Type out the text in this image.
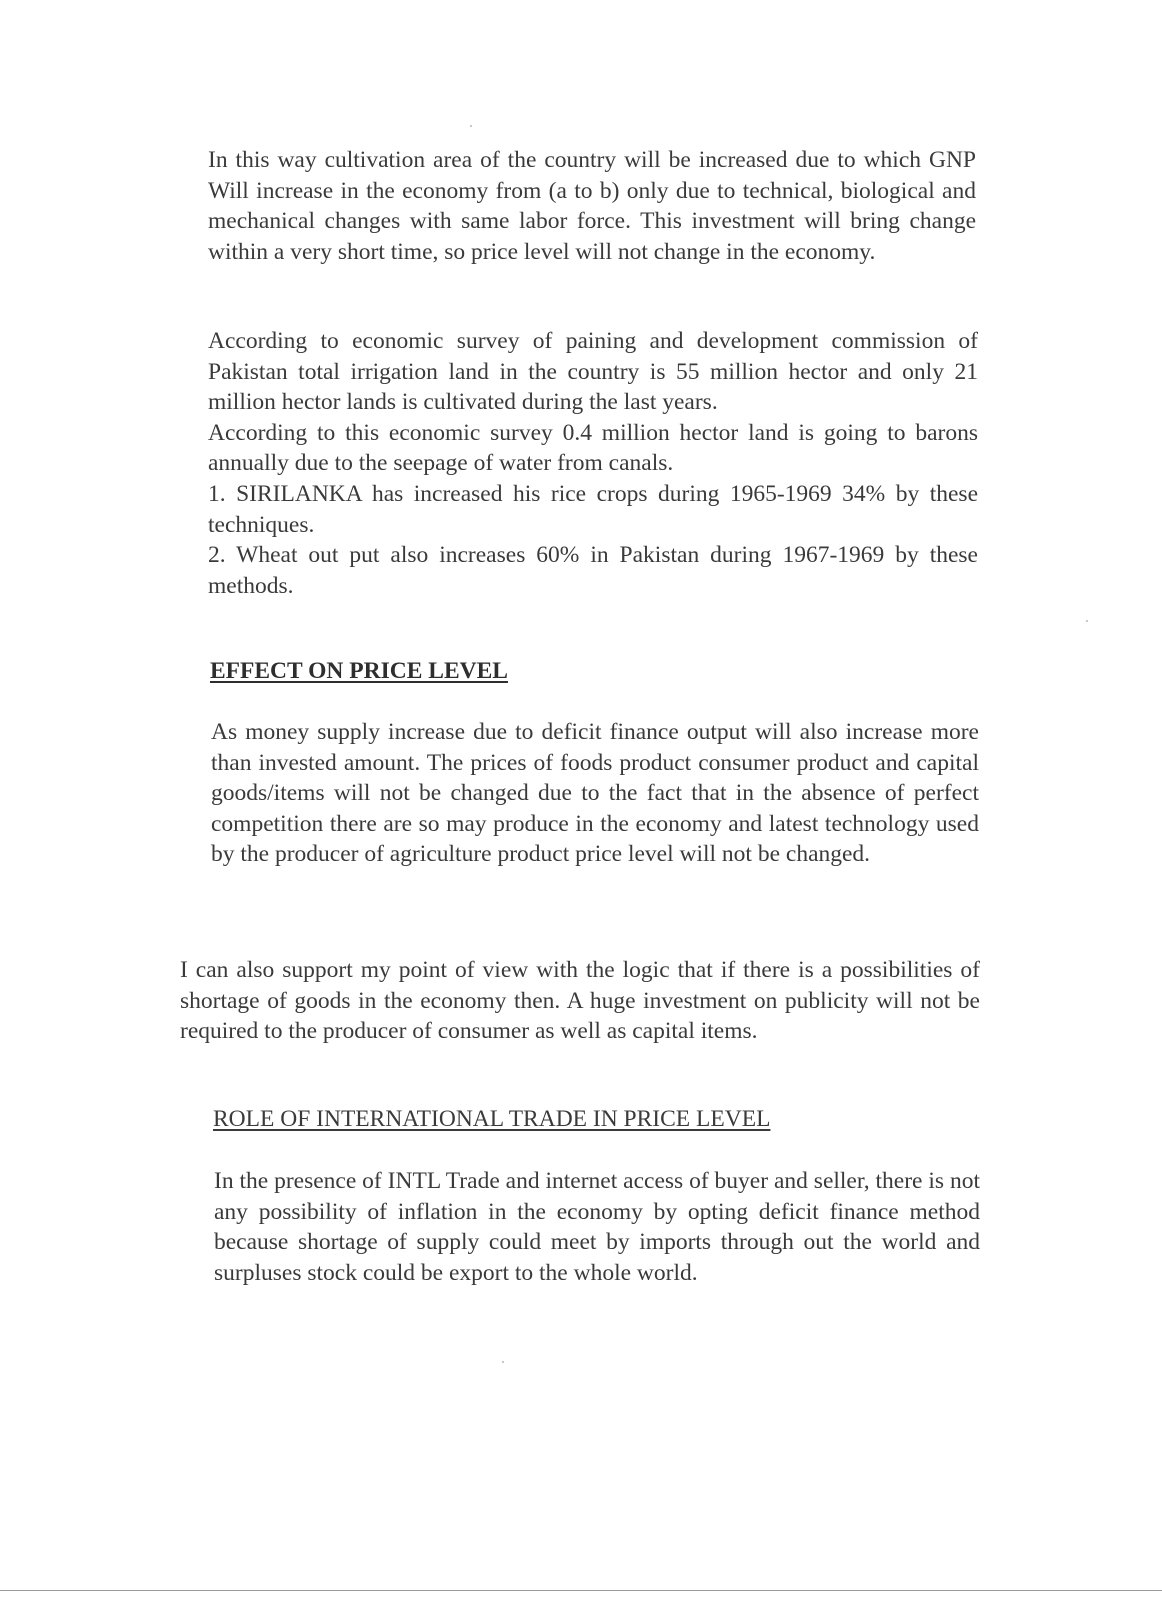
In this way cultivation area of the country will be increased due to which GNP Will increase in the economy from (a to b) only due to technical, biological and mechanical changes with same labor force. This investment will bring change within a very short time, so price level will not change in the economy.

According to economic survey of paining and development commission of Pakistan total irrigation land in the country is 55 million hector and only 21 million hector lands is cultivated during the last years.
According to this economic survey 0.4 million hector land is going to barons annually due to the seepage of water from canals.
1. SIRILANKA has increased his rice crops during 1965-1969 34% by these techniques.
2. Wheat out put also increases 60% in Pakistan during 1967-1969 by these methods.
EFFECT ON PRICE LEVEL

As money supply increase due to deficit finance output will also increase more than invested amount. The prices of foods product consumer product and capital goods/items will not be changed due to the fact that in the absence of perfect competition there are so may produce in the economy and latest technology used by the producer of agriculture product price level will not be changed.

I can also support my point of view with the logic that if there is a possibilities of shortage of goods in the economy then. A huge investment on publicity will not be required to the producer of consumer as well as capital items.

ROLE OF INTERNATIONAL TRADE IN PRICE LEVEL

In the presence of INTL Trade and internet access of buyer and seller, there is not any possibility of inflation in the economy by opting deficit finance method because shortage of supply could meet by imports through out the world and surpluses stock could be export to the whole world.
